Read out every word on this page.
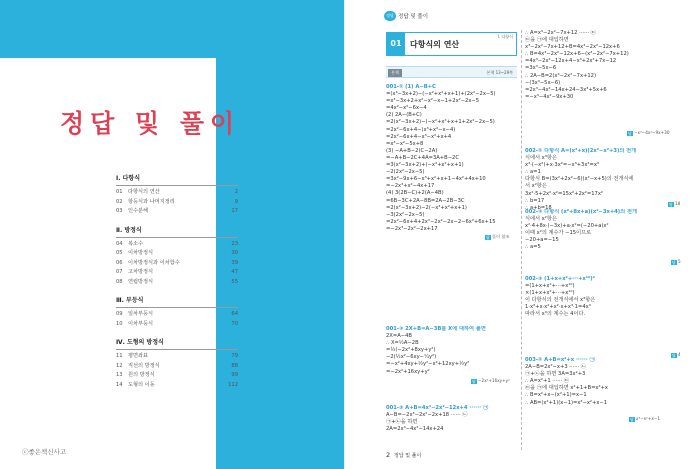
정답 및 풀이
Ⅰ. 다항식
01	다항식의 연산	2
02	항등식과 나머지정리	9
03	인수분해	17
Ⅱ. 방정식
04	복소수	23
05	이차방정식	30
06	이차방정식과 이차함수	39
07	고차방정식	47
08	연립방정식	55
Ⅲ. 부등식
09	일차부등식	64
10	이차부등식	70
Ⅳ. 도형의 방정식
11	평면좌표	79
12	직선의 방정식	88
13	원의 방정식	99
14	도형의 이동	112
ⓒ좋은책신사고
정답 정답 및 풀이
01	다항식의 연산
Ⅰ. 다항식
본책	본책 13~29쪽
001-① (1) A−B+C
=(x³−3x+2)−(−x²+x²+x+1)+(2x²−2x−5)
=x³−3x+2+x²−x²−x−1+2x²−2x−5
=4x²−x²−6x−4
(2) 2A−(B+C)
=2(x²−3x+2)−(−x²+x²+x+1+2x²−2x−5)
=2x²−6x+4−(x³+x²−x−4)
=2x²−6x+4−x³−x²+x+4
=x³−x²−5x+8
(3) −A+B−2(C−2A)
=−A+B−2C+4A=3A+B−2C
=3(x²−3x+2)+(−x³+x²+x+1)
−2(2x²−2x−5)
=3x²−9x+6−x³+x²+x+1−4x²+4x+10
=−2x³+x²−4x+17
(4) 3(2B−C)+2(A−4B)
=6B−3C+2A−8B=2A−2B−3C
=2(x²−3x+2)−2(−x³+x²+x+1)
−3(2x²−2x−5)
=2x²−6x+4+2x³−2x²−2x−2−6x²+6x+15
=−2x³−2x²−2x+17
답 풀이 참조
001-② 2X+B=A−3B를 X에 대하여 풀면
2X=A−4B
∴ X=½A−2B
=½(−2x²+8xy+y²)
−2(½x²−6xy−¼y²)
=−x²+4xy+½y²−x²+12xy+½y²
=−2x²+16xy+y²
답 −2x²+16xy+y²
001-③ A+B=4x³−2x²−12x+4 ······ ㉠
A−B=−2x³−2x²−2x+18 ······ ㉡
㉠+㉡을 하면
2A=2x³−4x²−14x+24
∴ A=x³−2x²−7x+12 ······ ㉢
㉢을 ㉠에 대입하면
x³−2x²−7x+12+B=4x³−2x²−12x+6
∴ B=4x³−2x²−12x+6−(x³−2x²−7x+12)
=4x³−2x²−12x+4−x³+2x²+7x−12
=3x³−5x−6
∴ 2A−B=2(x³−2x²−7x+12)
−(3x³−5x−6)
=2x³−4x²−14x+24−3x³+5x+6
=−x³−4x²−9x+30
답 −x³−4x²−9x+30
002-① 다항식 A=(x³+x)(2x²−x²+3)의 전개
식에서 x³항은
x³·(−x²)+x·3x²=−x³+3x³=x³
∴ a=1
다항식 B=(3x²+2x²−6)(x²−x+5)의 전개식에
서 x²항은
3x²·5+2x²·x²=15x²+2x²=17x²
∴ b=17
∴ a+b=18
답 18
002-② 다항식 (x²+8x+a)(x²−3x+4)의 전개
식에서 x²항은
x²·4+8x·(−3x)+a·x²=(−20+a)x²
이때 x²의 계수가 −15이므로
−20+a=−15
∴ a=5
답 5
002-③ (1+x+x²+···+x¹⁰)²
=(1+x+x²+···+x¹⁰)
×(1+x+x²+···+x¹⁰)
이 다항식의 전개식에서 x³항은
1·x³+x·x²+x²·x+x³·1=4x³
따라서 x³의 계수는 4이다.
답 4
003-① A+B=x²+x ······ ㉠
2A−B=2x²−x+3 ······ ㉡
㉠+㉡을 하면 3A=3x²+3
∴ A=x²+1 ······ ㉢
㉢을 ㉠에 대입하면 x²+1+B=x²+x
∴ B=x²+x−(x²+1)=x−1
∴ AB=(x²+1)(x−1)=x³−x²+x−1
답 x³−x²+x−1
2 정답 및 풀이
